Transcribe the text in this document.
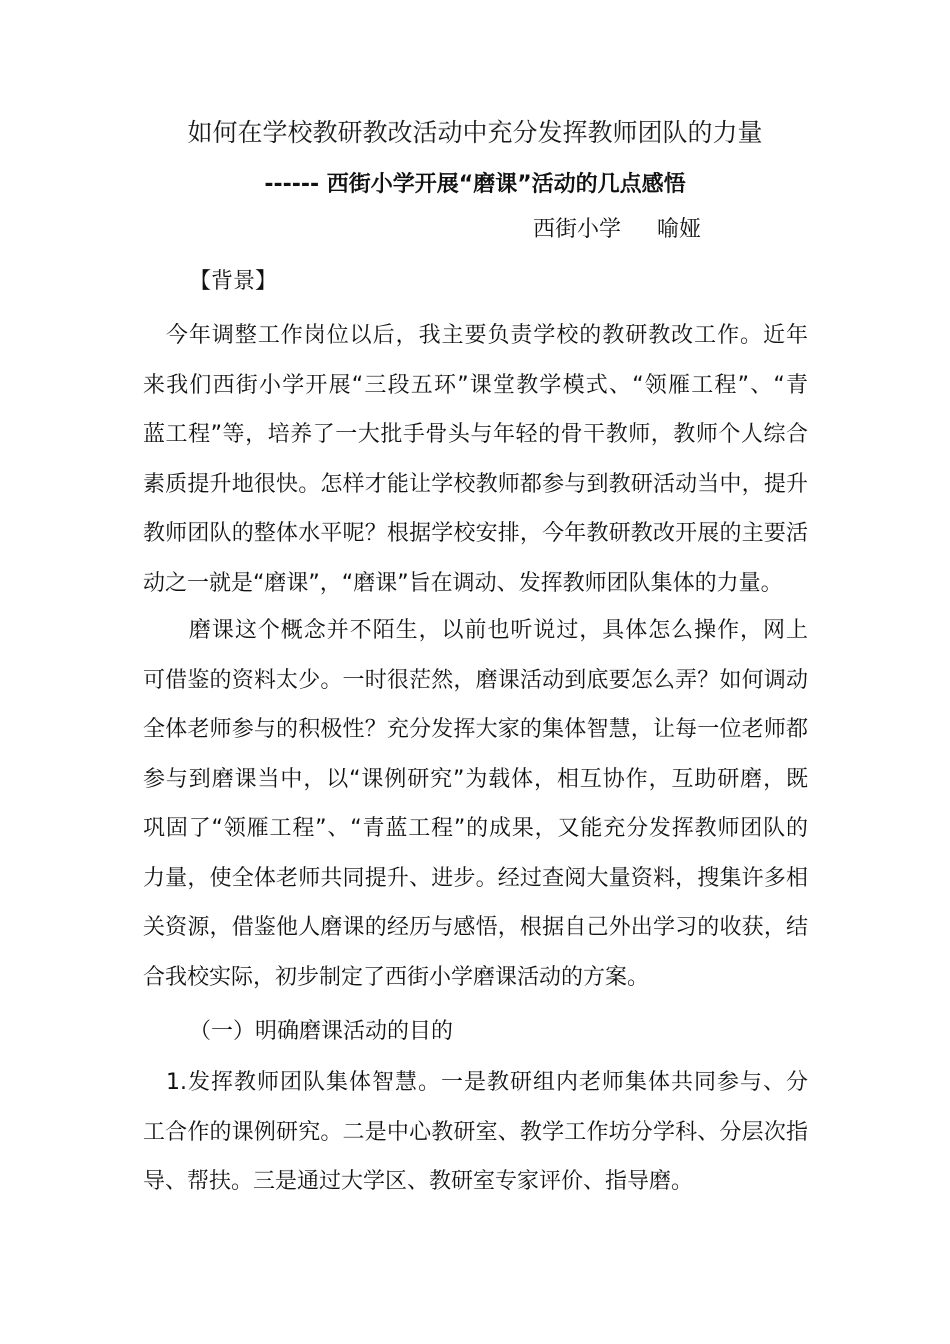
如何在学校教研教改活动中充分发挥教师团队的力量
------ 西街小学开展“磨课”活动的几点感悟
西街小学 喻娅
【背景】
　今年调整工作岗位以后，我主要负责学校的教研教改工作。近年
来我们西街小学开展“三段五环”课堂教学模式、“领雁工程”、“青
蓝工程”等，培养了一大批手骨头与年轻的骨干教师，教师个人综合
素质提升地很快。怎样才能让学校教师都参与到教研活动当中，提升
教师团队的整体水平呢？根据学校安排，今年教研教改开展的主要活
动之一就是“磨课”，“磨课”旨在调动、发挥教师团队集体的力量。
　　磨课这个概念并不陌生，以前也听说过，具体怎么操作，网上
可借鉴的资料太少。一时很茫然，磨课活动到底要怎么弄？如何调动
全体老师参与的积极性？充分发挥大家的集体智慧，让每一位老师都
参与到磨课当中，以“课例研究”为载体，相互协作，互助研磨，既
巩固了“领雁工程”、“青蓝工程”的成果，又能充分发挥教师团队的
力量，使全体老师共同提升、进步。经过查阅大量资料，搜集许多相
关资源，借鉴他人磨课的经历与感悟，根据自己外出学习的收获，结
合我校实际，初步制定了西街小学磨课活动的方案。
（一）明确磨课活动的目的
　1.发挥教师团队集体智慧。一是教研组内老师集体共同参与、分
工合作的课例研究。二是中心教研室、教学工作坊分学科、分层次指
导、帮扶。三是通过大学区、教研室专家评价、指导磨。
